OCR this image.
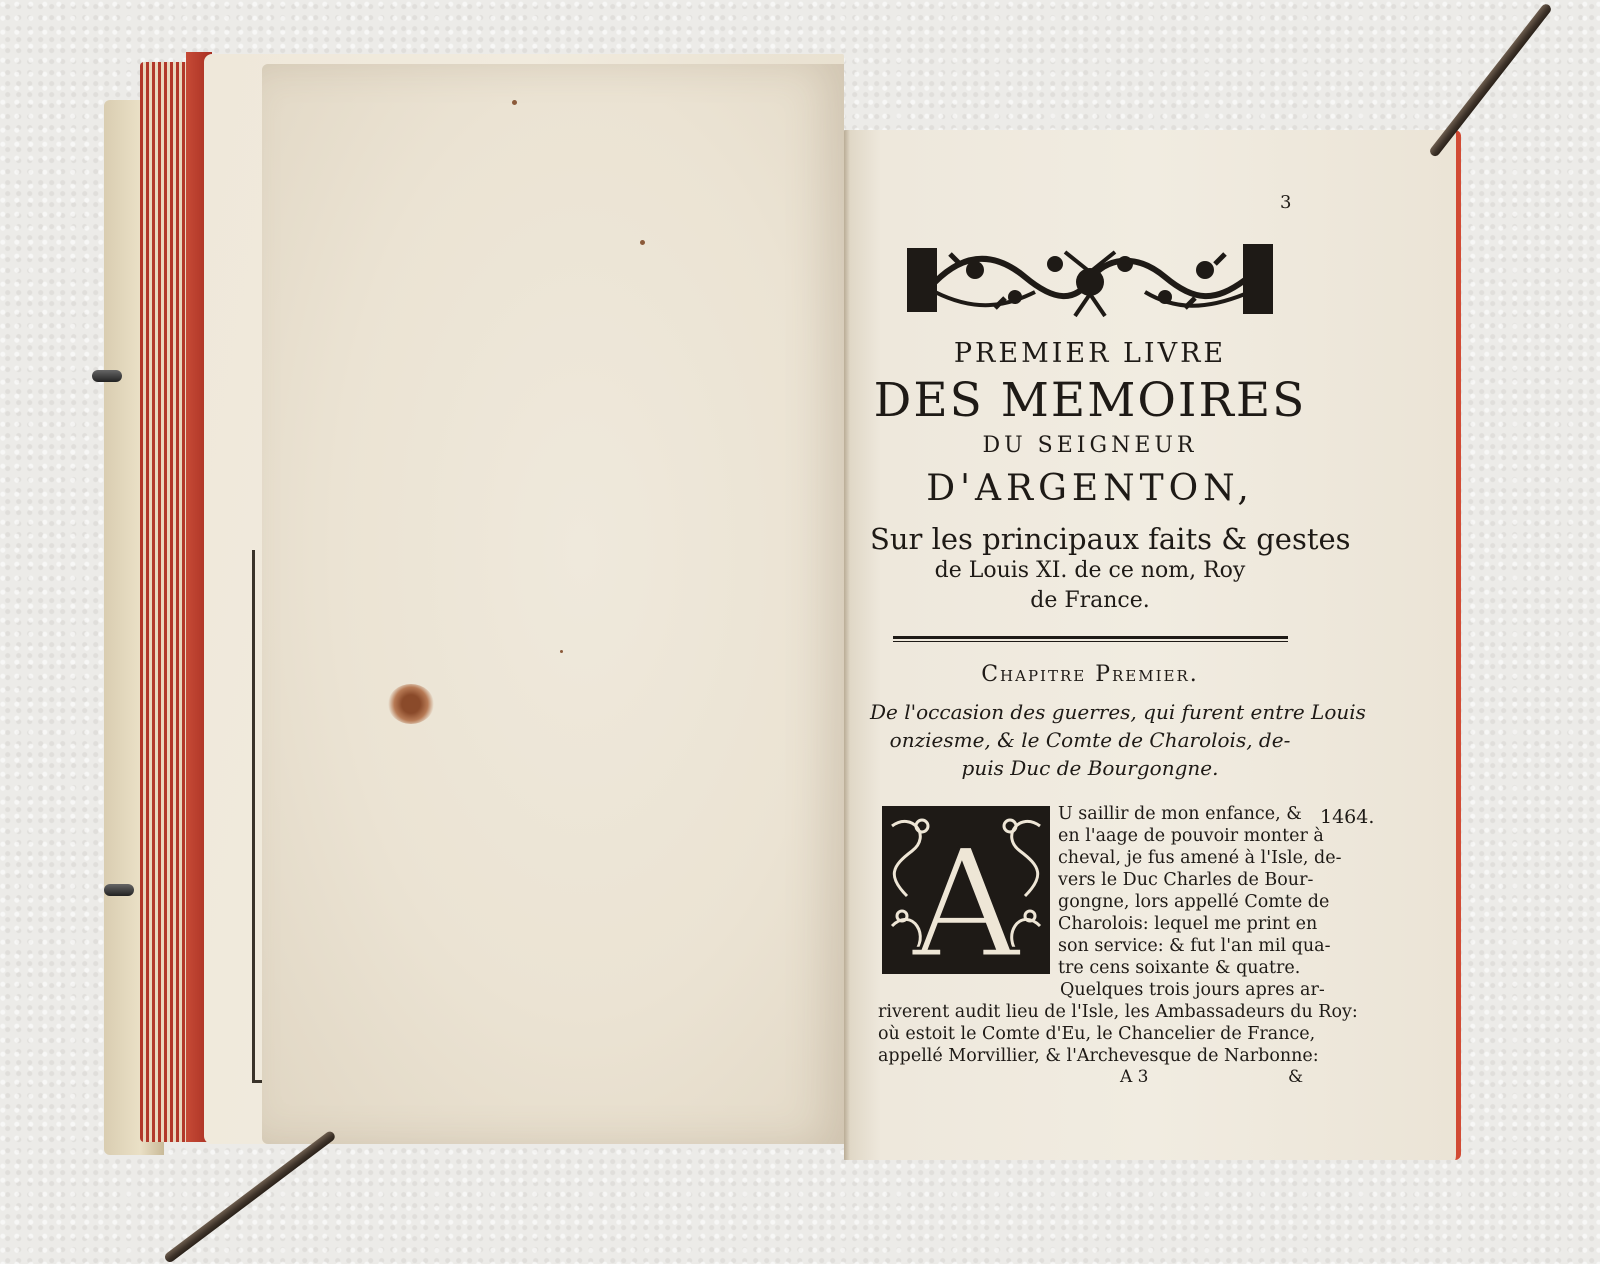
3
PREMIER LIVRE
DES MEMOIRES
DU SEIGNEUR
D'ARGENTON,
Sur les principaux faits & gestes
de Louis XI. de ce nom, Roy
de France.
Chapitre Premier.
De l'occasion des guerres, qui furent entre Louis
onziesme, & le Comte de Charolois, de-
puis Duc de Bourgongne.
A
U saillir de mon enfance, &
en l'aage de pouvoir monter à
cheval, je fus amené à l'Isle, de-
vers le Duc Charles de Bour-
gongne, lors appellé Comte de
Charolois: lequel me print en
son service: & fut l'an mil qua-
tre cens soixante & quatre.
Quelques trois jours apres ar-
riverent audit lieu de l'Isle, les Ambassadeurs du Roy:
où estoit le Comte d'Eu, le Chancelier de France,
appellé Morvillier, & l'Archevesque de Narbonne:
1464.
A 3	&
